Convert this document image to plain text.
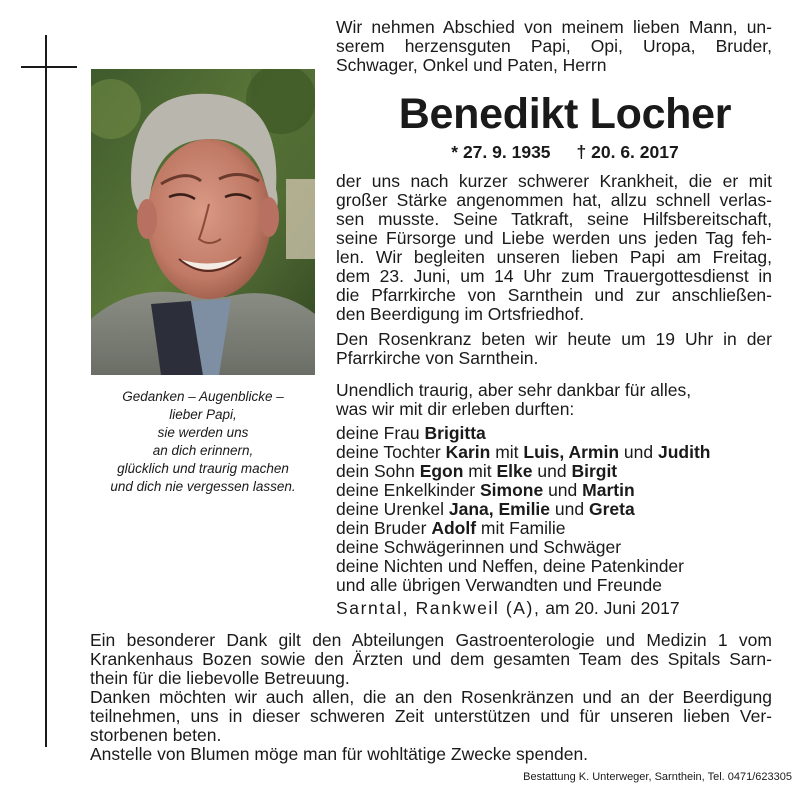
Wir nehmen Abschied von meinem lieben Mann, un-
serem herzensguten Papi, Opi, Uropa, Bruder,
Schwager, Onkel und Paten, Herrn
Benedikt Locher
* 27. 9. 1935 † 20. 6. 2017
der uns nach kurzer schwerer Krankheit, die er mit
großer Stärke angenommen hat, allzu schnell verlas-
sen musste. Seine Tatkraft, seine Hilfsbereitschaft,
seine Fürsorge und Liebe werden uns jeden Tag feh-
len. Wir begleiten unseren lieben Papi am Freitag,
dem 23. Juni, um 14 Uhr zum Trauergottesdienst in
die Pfarrkirche von Sarnthein und zur anschließen-
den Beerdigung im Ortsfriedhof.
Den Rosenkranz beten wir heute um 19 Uhr in der
Pfarrkirche von Sarnthein.
Gedanken – Augenblicke –
lieber Papi,
sie werden uns
an dich erinnern,
glücklich und traurig machen
und dich nie vergessen lassen.
Unendlich traurig, aber sehr dankbar für alles,
was wir mit dir erleben durften:
deine Frau Brigitta
deine Tochter Karin mit Luis, Armin und Judith
dein Sohn Egon mit Elke und Birgit
deine Enkelkinder Simone und Martin
deine Urenkel Jana, Emilie und Greta
dein Bruder Adolf mit Familie
deine Schwägerinnen und Schwäger
deine Nichten und Neffen, deine Patenkinder
und alle übrigen Verwandten und Freunde
Sarntal, Rankweil (A), am 20. Juni 2017
Ein besonderer Dank gilt den Abteilungen Gastroenterologie und Medizin 1 vom
Krankenhaus Bozen sowie den Ärzten und dem gesamten Team des Spitals Sarn-
thein für die liebevolle Betreuung.
Danken möchten wir auch allen, die an den Rosenkränzen und an der Beerdigung
teilnehmen, uns in dieser schweren Zeit unterstützen und für unseren lieben Ver-
storbenen beten.
Anstelle von Blumen möge man für wohltätige Zwecke spenden.
Bestattung K. Unterweger, Sarnthein, Tel. 0471/623305
